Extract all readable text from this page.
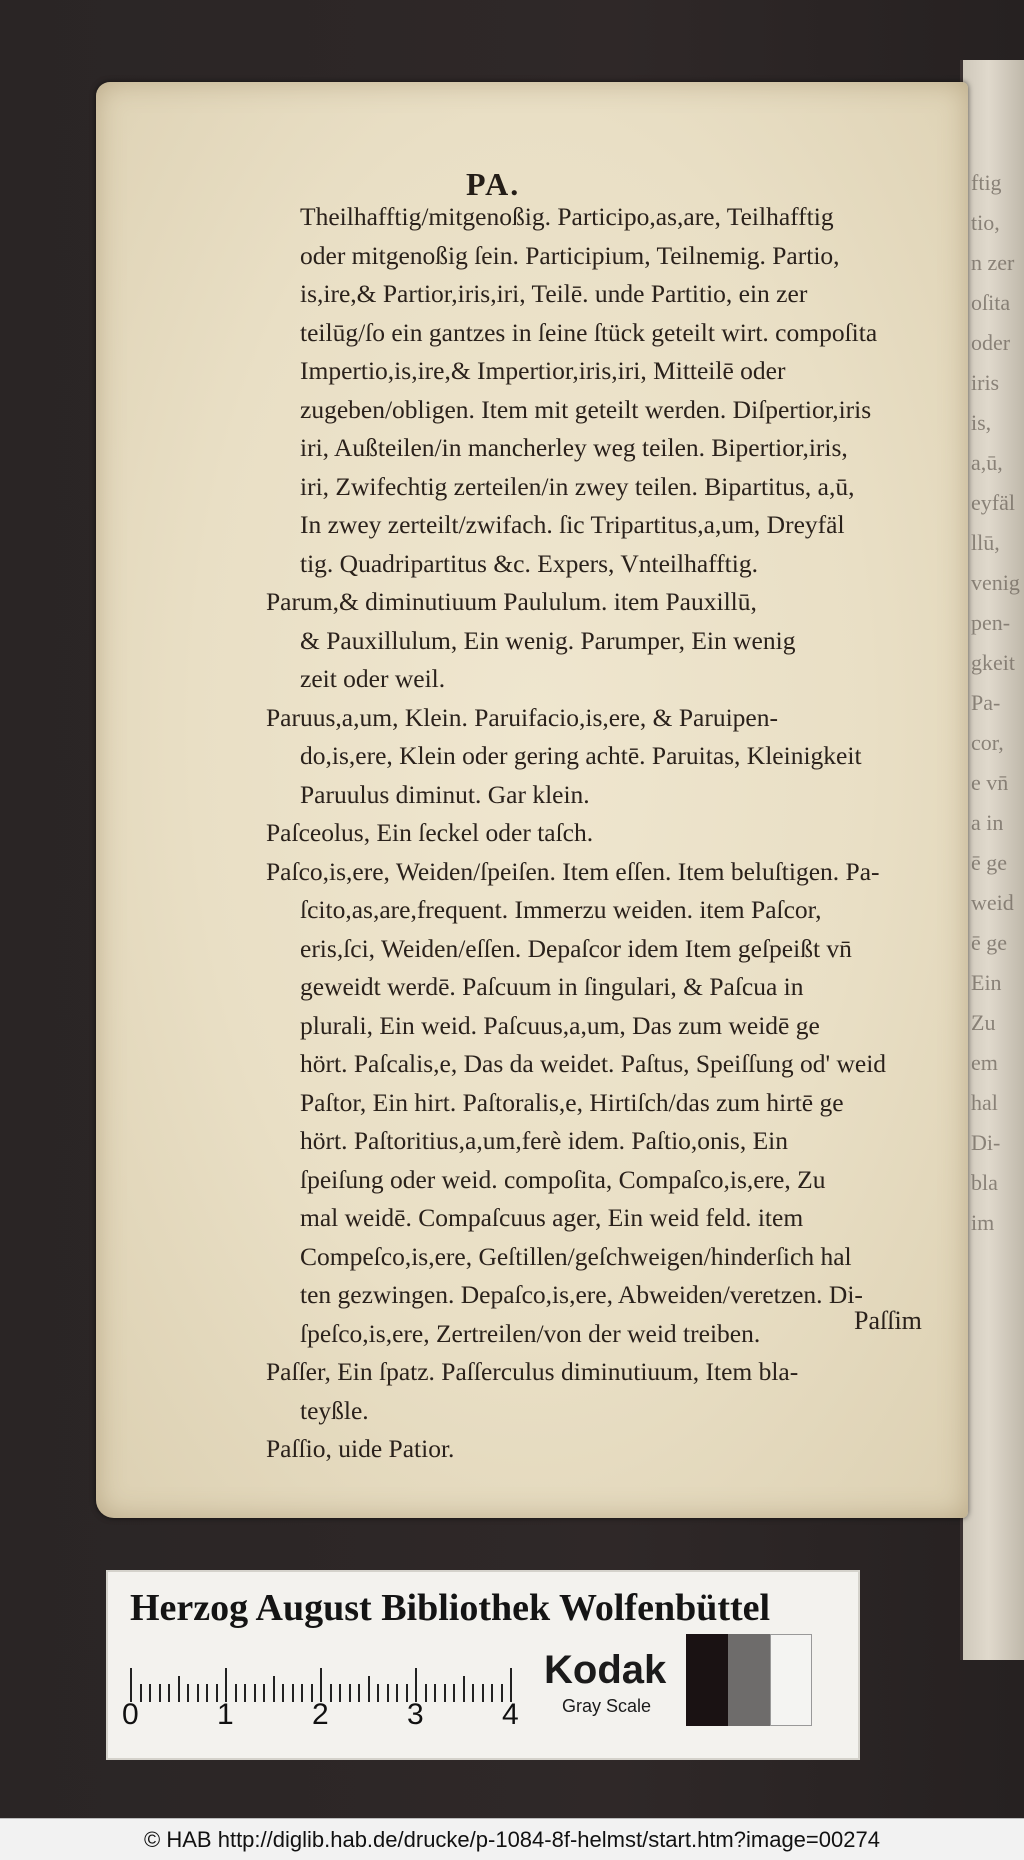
ftig
tio,
n zer
oſita
oder
iris
is,
a,ū,
eyfäl
llū,
venig
pen-
gkeit
Pa-
cor,
e vn̄
a in
ē ge
weid
ē ge
Ein
Zu
em
hal
Di-
bla
im
PA.
Theilhafftig/mitgenoßig. Participo,as,are, Teilhafftig
oder mitgenoßig ſein. Participium, Teilnemig. Partio,
is,ire,& Partior,iris,iri, Teilē. unde Partitio, ein zer
teilūg/ſo ein gantzes in ſeine ſtück geteilt wirt. compoſita
Impertio,is,ire,& Impertior,iris,iri, Mitteilē oder
zugeben/obligen. Item mit geteilt werden. Diſpertior,iris
iri, Außteilen/in mancherley weg teilen. Bipertior,iris,
iri, Zwifechtig zerteilen/in zwey teilen. Bipartitus, a,ū,
In zwey zerteilt/zwifach. ſic Tripartitus,a,um, Dreyfäl
tig. Quadripartitus &c. Expers, Vnteilhafftig.
Parum,& diminutiuum Paululum. item Pauxillū,
& Pauxillulum, Ein wenig. Parumper, Ein wenig
zeit oder weil.
Paruus,a,um, Klein. Paruifacio,is,ere, & Paruipen-
do,is,ere, Klein oder gering achtē. Paruitas, Kleinigkeit
Paruulus diminut. Gar klein.
Paſceolus, Ein ſeckel oder taſch.
Paſco,is,ere, Weiden/ſpeiſen. Item eſſen. Item beluſtigen. Pa-
ſcito,as,are,frequent. Immerzu weiden. item Paſcor,
eris,ſci, Weiden/eſſen. Depaſcor idem Item geſpeißt vn̄
geweidt werdē. Paſcuum in ſingulari, & Paſcua in
plurali, Ein weid. Paſcuus,a,um, Das zum weidē ge
hört. Paſcalis,e, Das da weidet. Paſtus, Speiſſung od' weid
Paſtor, Ein hirt. Paſtoralis,e, Hirtiſch/das zum hirtē ge
hört. Paſtoritius,a,um,ferè idem. Paſtio,onis, Ein
ſpeiſung oder weid. compoſita, Compaſco,is,ere, Zu
mal weidē. Compaſcuus ager, Ein weid feld. item
Compeſco,is,ere, Geſtillen/geſchweigen/hinderſich hal
ten gezwingen. Depaſco,is,ere, Abweiden/veretzen. Di-
ſpeſco,is,ere, Zertreilen/von der weid treiben.
Paſſer, Ein ſpatz. Paſſerculus diminutiuum, Item bla-
teyßle.
Paſſio, uide Patior.
Paſſim
Herzog August Bibliothek Wolfenbüttel
0	1	2	3	4
Kodak
Gray Scale
© HAB http://diglib.hab.de/drucke/p-1084-8f-helmst/start.htm?image=00274
